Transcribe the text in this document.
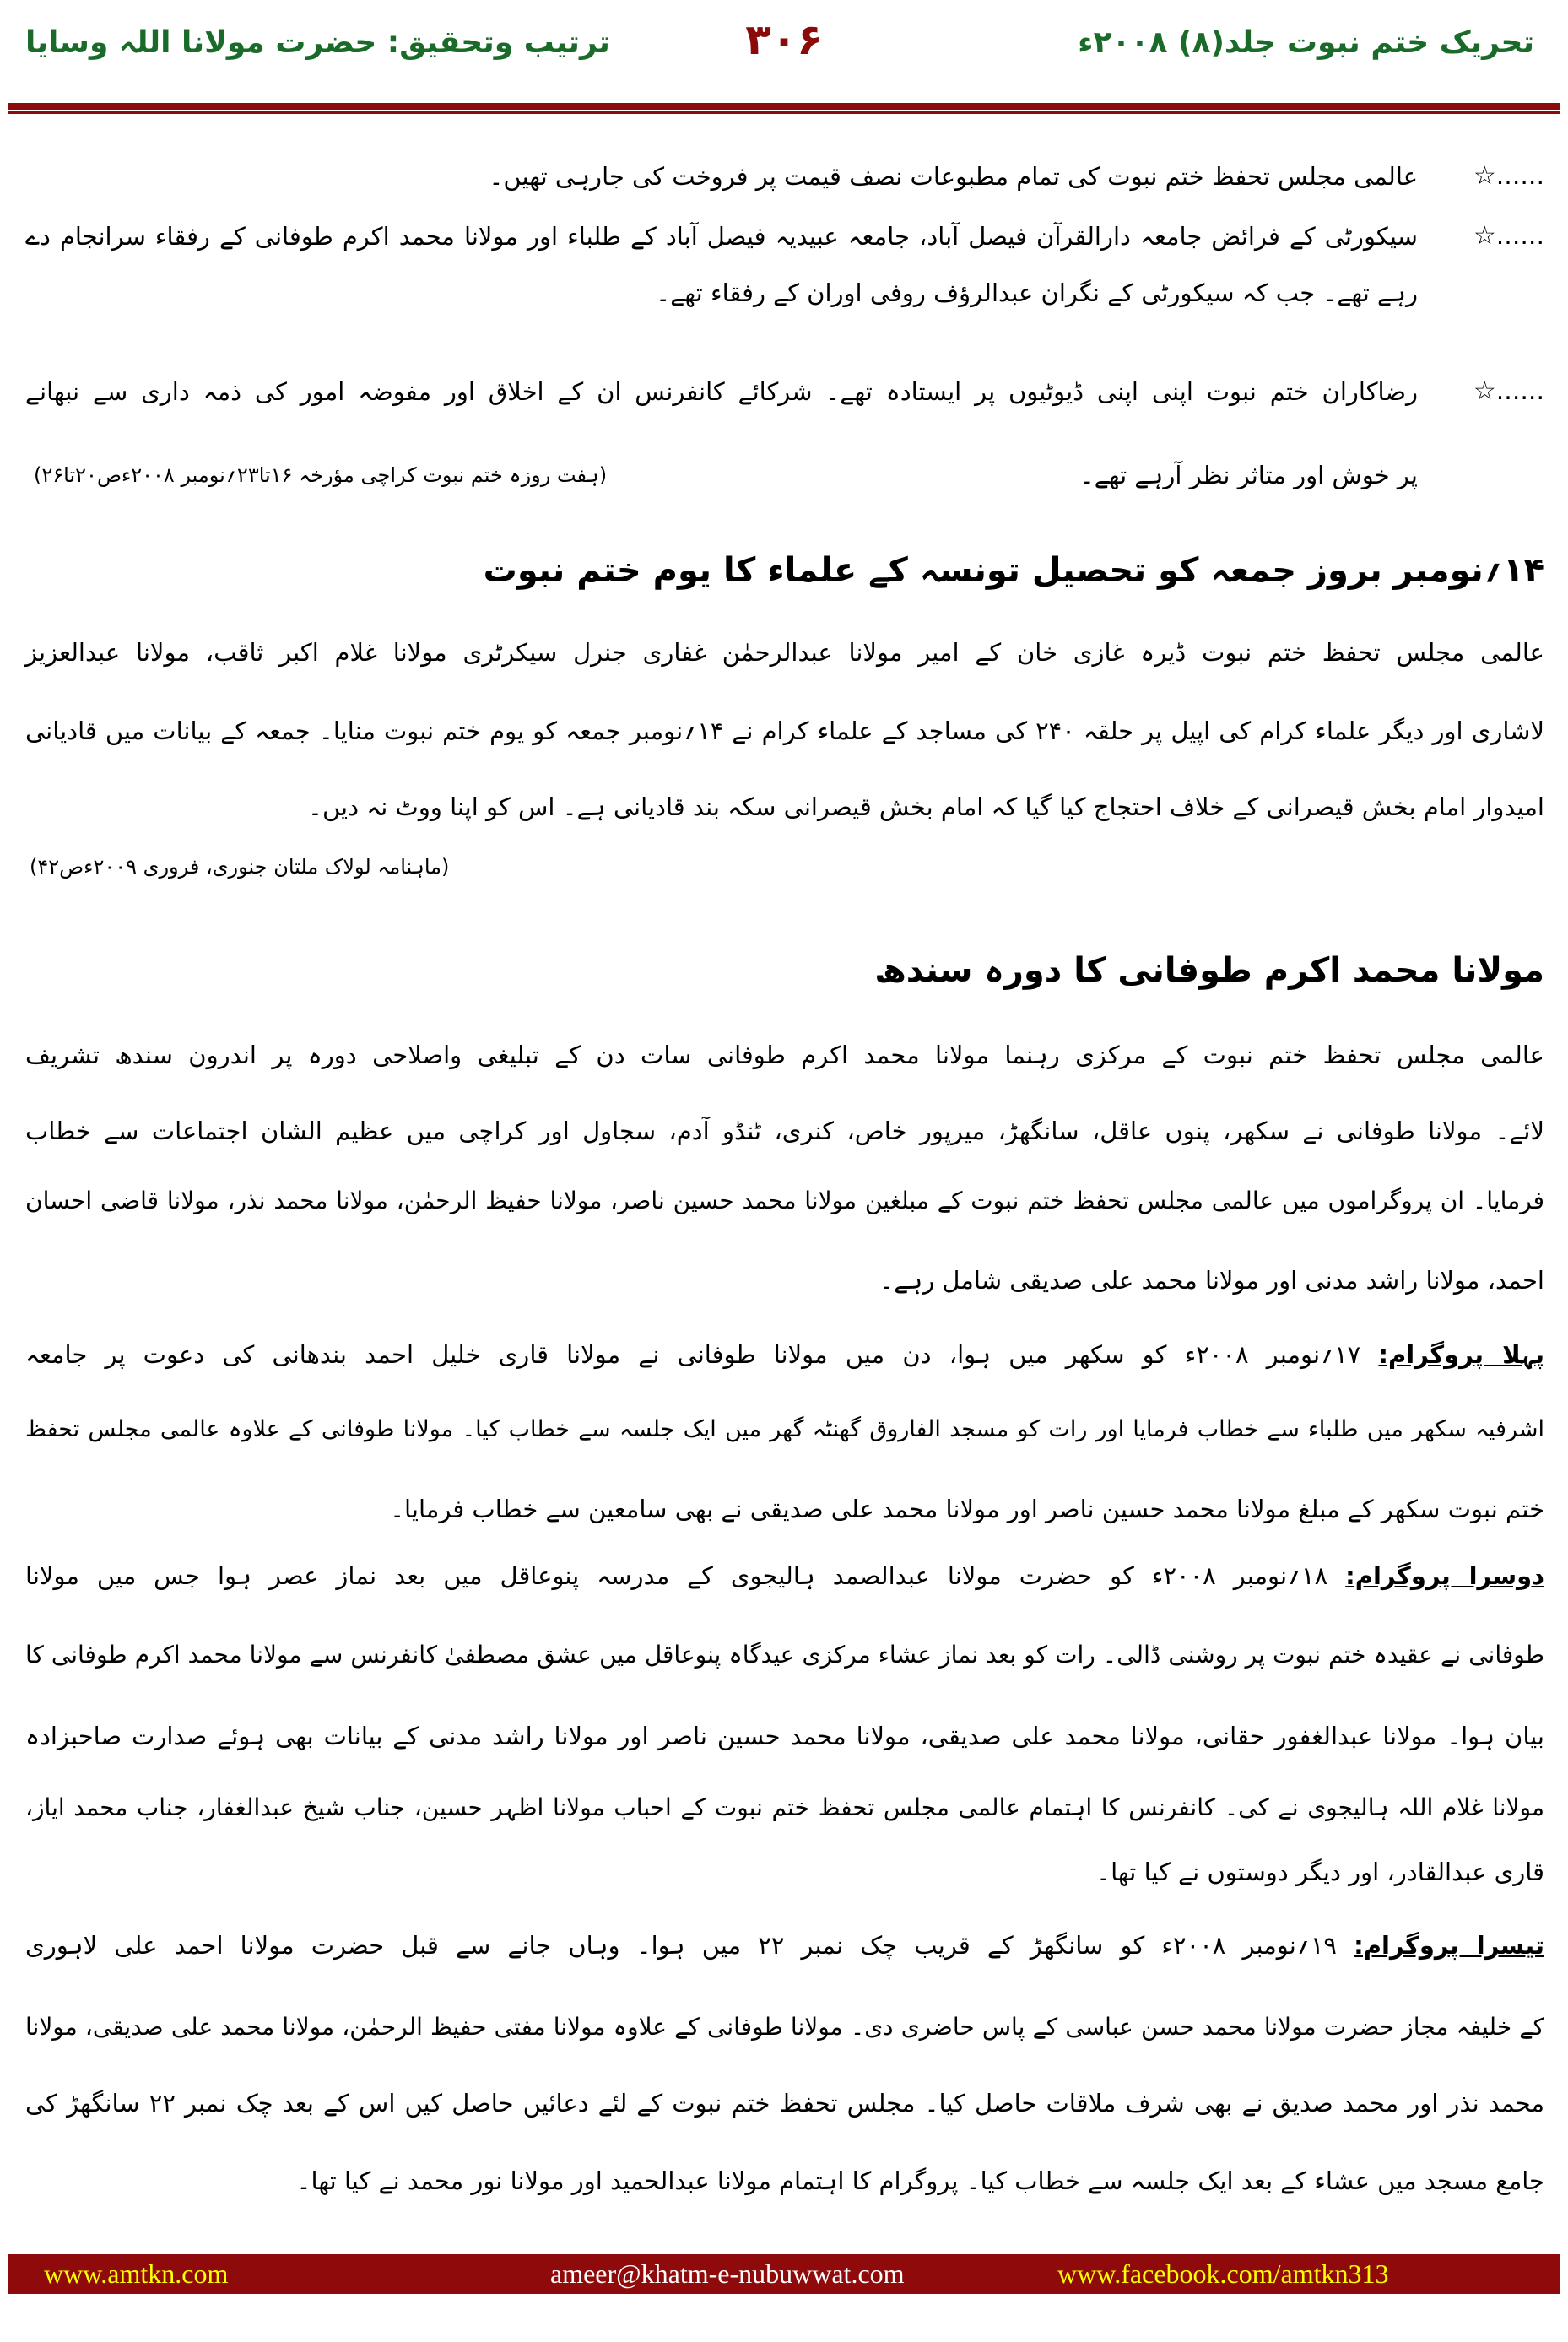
تحریک ختم نبوت جلد(۸) ۲۰۰۸ء
۳۰۶
ترتیب وتحقیق: حضرت مولانا اللہ وسایا
☆......
عالمی مجلس تحفظ ختم نبوت کی تمام مطبوعات نصف قیمت پر فروخت کی جارہی تھیں۔
☆......
سیکورٹی کے فرائض جامعہ دارالقرآن فیصل آباد، جامعہ عبیدیہ فیصل آباد کے طلباء اور مولانا محمد اکرم طوفانی کے رفقاء سرانجام دے
رہے تھے۔ جب کہ سیکورٹی کے نگران عبدالرؤف روفی اوران کے رفقاء تھے۔
☆......
رضاکاران ختم نبوت اپنی اپنی ڈیوٹیوں پر ایستادہ تھے۔ شرکائے کانفرنس ان کے اخلاق اور مفوضہ امور کی ذمہ داری سے نبھانے
پر خوش اور متاثر نظر آرہے تھے۔
(ہفت روزہ ختم نبوت کراچی مؤرخہ ۱۶تا۲۳؍نومبر ۲۰۰۸ءص۲۰تا۲۶)
۱۴؍نومبر بروز جمعہ کو تحصیل تونسہ کے علماء کا یوم ختم نبوت
عالمی مجلس تحفظ ختم نبوت ڈیرہ غازی خان کے امیر مولانا عبدالرحمٰن غفاری جنرل سیکرٹری مولانا غلام اکبر ثاقب، مولانا عبدالعزیز
لاشاری اور دیگر علماء کرام کی اپیل پر حلقہ ۲۴۰ کی مساجد کے علماء کرام نے ۱۴؍نومبر جمعہ کو یوم ختم نبوت منایا۔ جمعہ کے بیانات میں قادیانی
امیدوار امام بخش قیصرانی کے خلاف احتجاج کیا گیا کہ امام بخش قیصرانی سکہ بند قادیانی ہے۔ اس کو اپنا ووٹ نہ دیں۔
(ماہنامہ لولاک ملتان جنوری، فروری ۲۰۰۹ءص۴۲)
مولانا محمد اکرم طوفانی کا دورہ سندھ
عالمی مجلس تحفظ ختم نبوت کے مرکزی رہنما مولانا محمد اکرم طوفانی سات دن کے تبلیغی واصلاحی دورہ پر اندرون سندھ تشریف
لائے۔ مولانا طوفانی نے سکھر، پنوں عاقل، سانگھڑ، میرپور خاص، کنری، ٹنڈو آدم، سجاول اور کراچی میں عظیم الشان اجتماعات سے خطاب
فرمایا۔ ان پروگراموں میں عالمی مجلس تحفظ ختم نبوت کے مبلغین مولانا محمد حسین ناصر، مولانا حفیظ الرحمٰن، مولانا محمد نذر، مولانا قاضی احسان
احمد، مولانا راشد مدنی اور مولانا محمد علی صدیقی شامل رہے۔
پہلا پروگرام: ۱۷؍نومبر ۲۰۰۸ء کو سکھر میں ہوا، دن میں مولانا طوفانی نے مولانا قاری خلیل احمد بندھانی کی دعوت پر جامعہ
اشرفیہ سکھر میں طلباء سے خطاب فرمایا اور رات کو مسجد الفاروق گھنٹہ گھر میں ایک جلسہ سے خطاب کیا۔ مولانا طوفانی کے علاوہ عالمی مجلس تحفظ
ختم نبوت سکھر کے مبلغ مولانا محمد حسین ناصر اور مولانا محمد علی صدیقی نے بھی سامعین سے خطاب فرمایا۔
دوسرا پروگرام: ۱۸؍نومبر ۲۰۰۸ء کو حضرت مولانا عبدالصمد ہالیجوی کے مدرسہ پنوعاقل میں بعد نماز عصر ہوا جس میں مولانا
طوفانی نے عقیدہ ختم نبوت پر روشنی ڈالی۔ رات کو بعد نماز عشاء مرکزی عیدگاہ پنوعاقل میں عشق مصطفیٰ کانفرنس سے مولانا محمد اکرم طوفانی کا
بیان ہوا۔ مولانا عبدالغفور حقانی، مولانا محمد علی صدیقی، مولانا محمد حسین ناصر اور مولانا راشد مدنی کے بیانات بھی ہوئے صدارت صاحبزادہ
مولانا غلام اللہ ہالیجوی نے کی۔ کانفرنس کا اہتمام عالمی مجلس تحفظ ختم نبوت کے احباب مولانا اظہر حسین، جناب شیخ عبدالغفار، جناب محمد ایاز،
قاری عبدالقادر، اور دیگر دوستوں نے کیا تھا۔
تیسرا پروگرام: ۱۹؍نومبر ۲۰۰۸ء کو سانگھڑ کے قریب چک نمبر ۲۲ میں ہوا۔ وہاں جانے سے قبل حضرت مولانا احمد علی لاہوری
کے خلیفہ مجاز حضرت مولانا محمد حسن عباسی کے پاس حاضری دی۔ مولانا طوفانی کے علاوہ مولانا مفتی حفیظ الرحمٰن، مولانا محمد علی صدیقی، مولانا
محمد نذر اور محمد صدیق نے بھی شرف ملاقات حاصل کیا۔ مجلس تحفظ ختم نبوت کے لئے دعائیں حاصل کیں اس کے بعد چک نمبر ۲۲ سانگھڑ کی
جامع مسجد میں عشاء کے بعد ایک جلسہ سے خطاب کیا۔ پروگرام کا اہتمام مولانا عبدالحمید اور مولانا نور محمد نے کیا تھا۔
www.amtkn.com	ameer@khatm-e-nubuwwat.com	www.facebook.com/amtkn313
